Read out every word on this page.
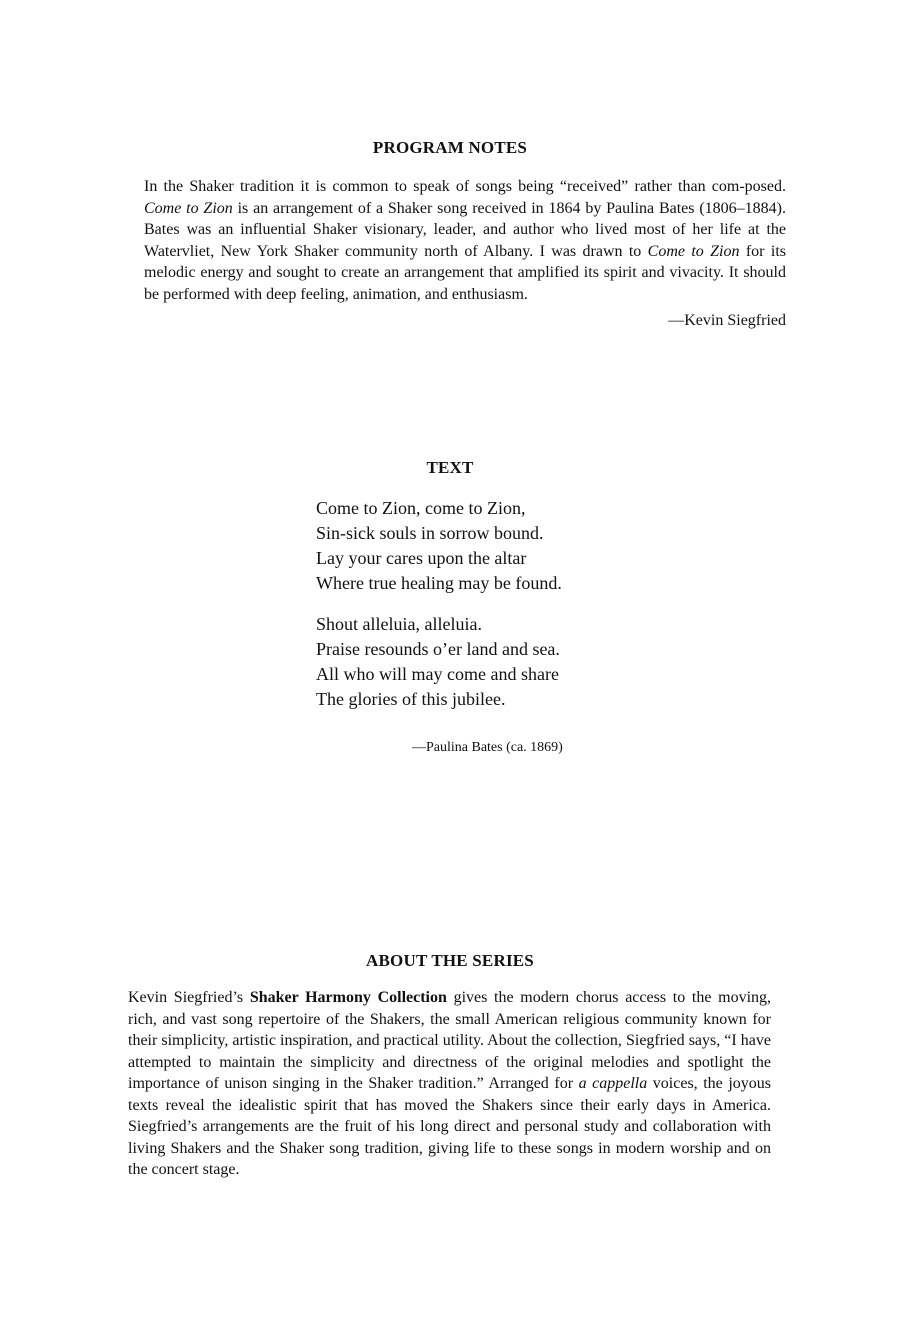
PROGRAM NOTES
In the Shaker tradition it is common to speak of songs being “received” rather than com-posed. Come to Zion is an arrangement of a Shaker song received in 1864 by Paulina Bates (1806–1884). Bates was an influential Shaker visionary, leader, and author who lived most of her life at the Watervliet, New York Shaker community north of Albany. I was drawn to Come to Zion for its melodic energy and sought to create an arrangement that amplified its spirit and vivacity. It should be performed with deep feeling, animation, and enthusiasm.
—Kevin Siegfried
TEXT
Come to Zion, come to Zion,
Sin-sick souls in sorrow bound.
Lay your cares upon the altar
Where true healing may be found.
Shout alleluia, alleluia.
Praise resounds o’er land and sea.
All who will may come and share
The glories of this jubilee.
—Paulina Bates (ca. 1869)
ABOUT THE SERIES
Kevin Siegfried’s Shaker Harmony Collection gives the modern chorus access to the moving, rich, and vast song repertoire of the Shakers, the small American religious community known for their simplicity, artistic inspiration, and practical utility. About the collection, Siegfried says, “I have attempted to maintain the simplicity and directness of the original melodies and spotlight the importance of unison singing in the Shaker tradition.” Arranged for a cappella voices, the joyous texts reveal the idealistic spirit that has moved the Shakers since their early days in America. Siegfried’s arrangements are the fruit of his long direct and personal study and collaboration with living Shakers and the Shaker song tradition, giving life to these songs in modern worship and on the concert stage.
